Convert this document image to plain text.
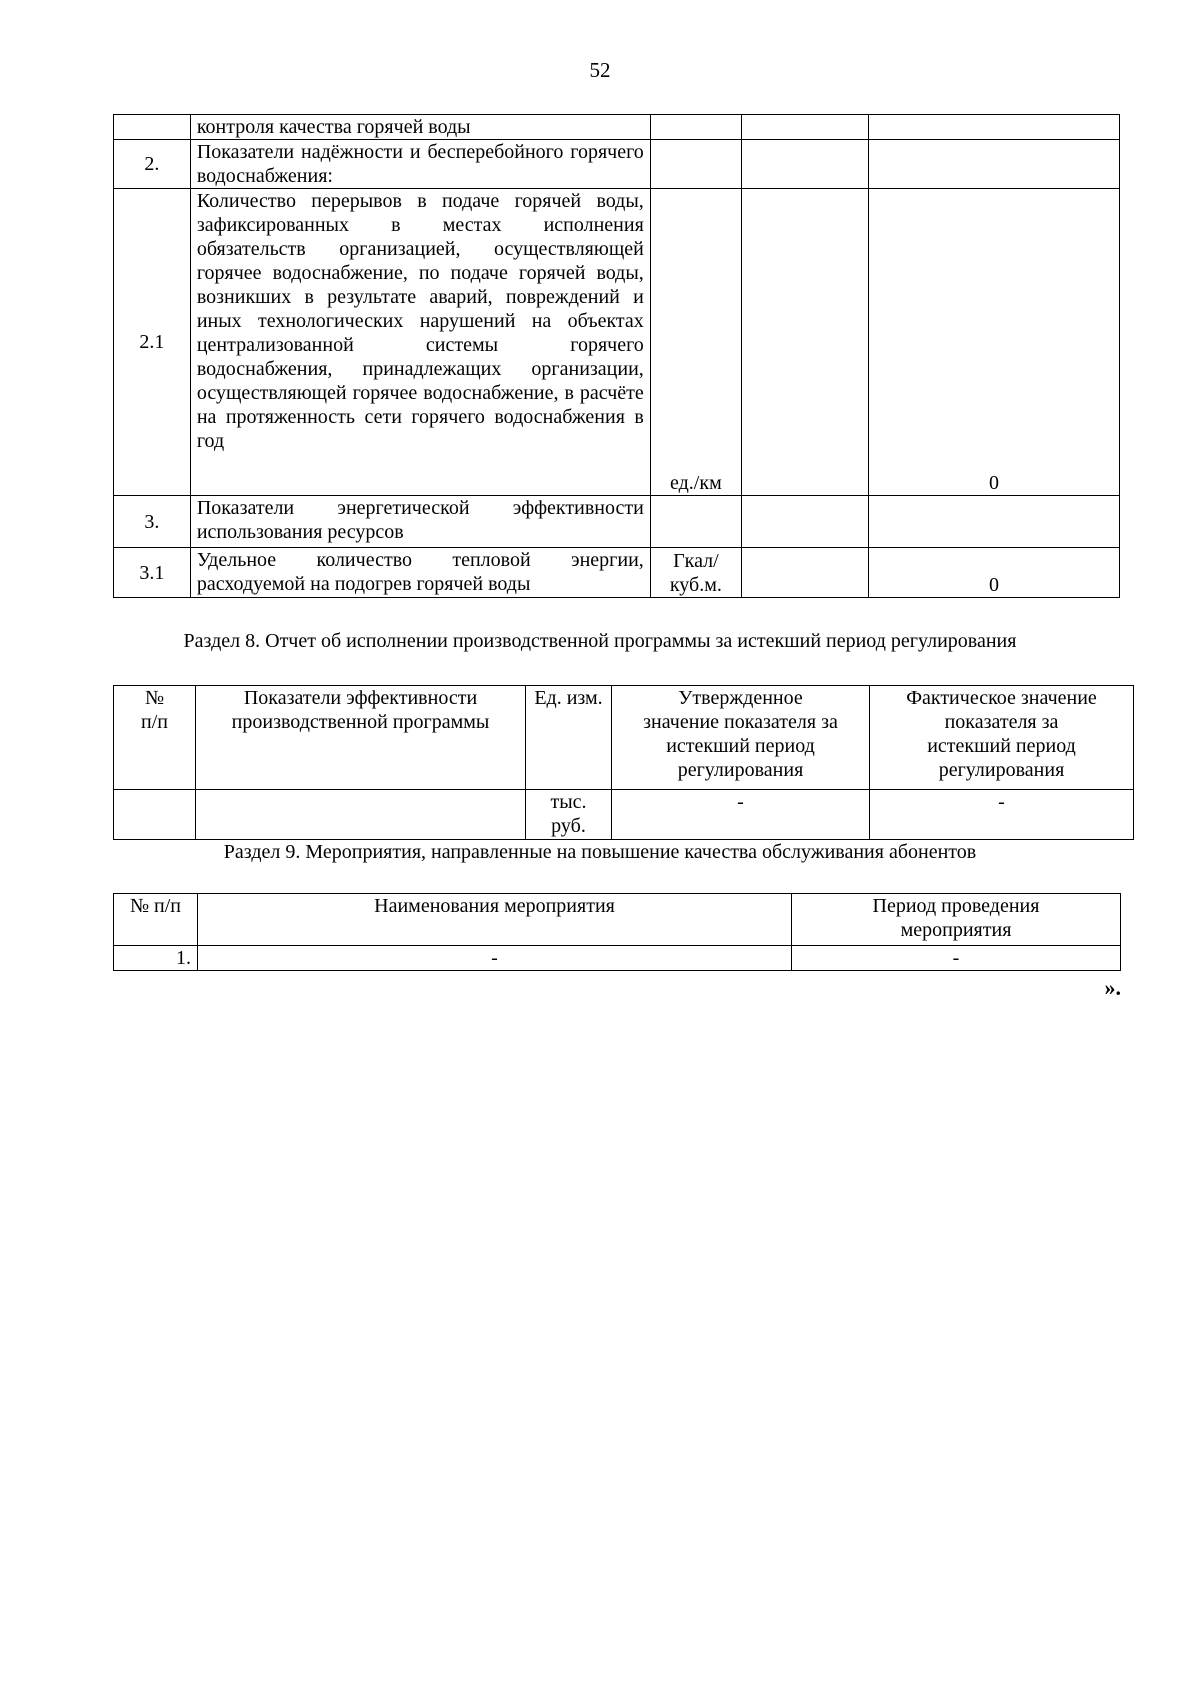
52
	контроля качества горячей воды			
2.	Показатели надёжности и бесперебойного горячего водоснабжения:			
2.1	Количество перерывов в подаче горячей воды, зафиксированных в местах исполнения обязательств организацией, осуществляющей горячее водоснабжение, по подаче горячей воды, возникших в результате аварий, повреждений и иных технологических нарушений на объектах централизованной системы горячего водоснабжения, принадлежащих организации, осуществляющей горячее водоснабжение, в расчёте на протяженность сети горячего водоснабжения в год	ед./км		0
3.	Показатели энергетической эффективности использования ресурсов			
3.1	Удельное количество тепловой энергии, расходуемой на подогрев горячей воды	Гкал/
куб.м.		0
Раздел 8. Отчет об исполнении производственной программы за истекший период регулирования
№
п/п	Показатели эффективности
производственной программы	Ед. изм.	Утвержденное
значение показателя за
истекший период
регулирования	Фактическое значение
показателя за
истекший период
регулирования
		тыс.
руб.	-	-
Раздел 9. Мероприятия, направленные на повышение качества обслуживания абонентов
№ п/п	Наименования мероприятия	Период проведения
мероприятия
1.	-	-
».
